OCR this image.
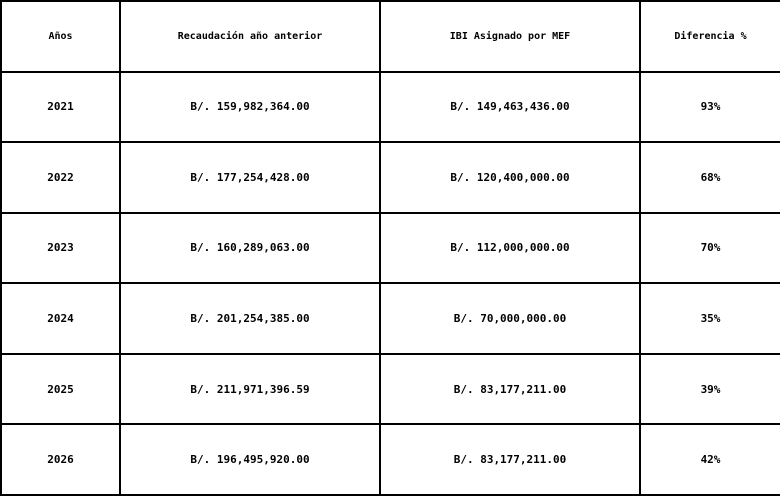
Años	Recaudación año anterior	IBI Asignado por MEF	Diferencia %
2021	B/. 159,982,364.00	B/. 149,463,436.00	93%
2022	B/. 177,254,428.00	B/. 120,400,000.00	68%
2023	B/. 160,289,063.00	B/. 112,000,000.00	70%
2024	B/. 201,254,385.00	B/. 70,000,000.00	35%
2025	B/. 211,971,396.59	B/. 83,177,211.00	39%
2026	B/. 196,495,920.00	B/. 83,177,211.00	42%
